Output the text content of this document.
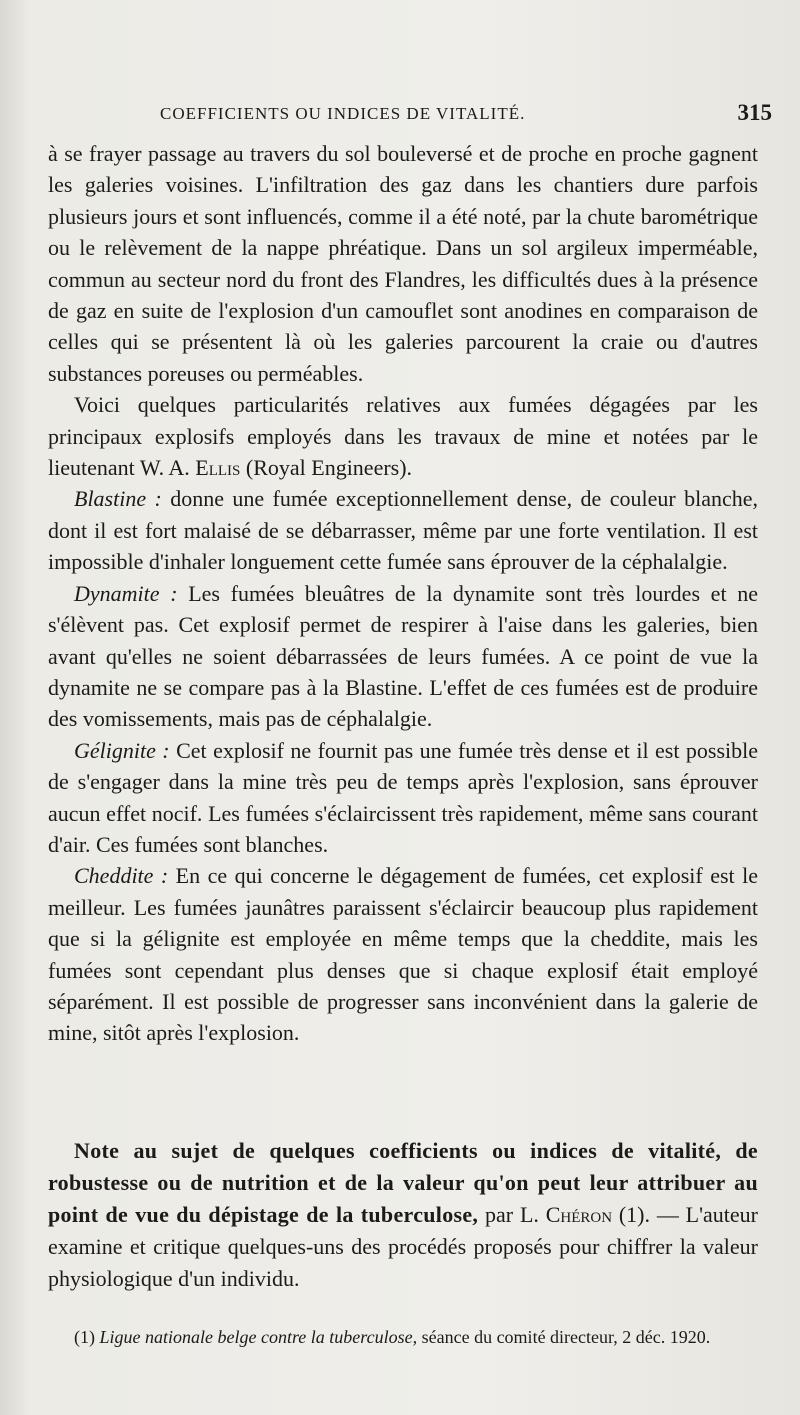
COEFFICIENTS OU INDICES DE VITALITÉ.	315

à se frayer passage au travers du sol bouleversé et de proche en proche gagnent les galeries voisines. L'infiltration des gaz dans les chantiers dure parfois plusieurs jours et sont influencés, comme il a été noté, par la chute barométrique ou le relèvement de la nappe phréatique. Dans un sol argileux imperméable, commun au secteur nord du front des Flandres, les difficultés dues à la présence de gaz en suite de l'explosion d'un camouflet sont anodines en comparaison de celles qui se présentent là où les galeries parcourent la craie ou d'autres substances poreuses ou perméables.

Voici quelques particularités relatives aux fumées dégagées par les principaux explosifs employés dans les travaux de mine et notées par le lieutenant W. A. Ellis (Royal Engineers).

Blastine : donne une fumée exceptionnellement dense, de couleur blanche, dont il est fort malaisé de se débarrasser, même par une forte ventilation. Il est impossible d'inhaler longuement cette fumée sans éprouver de la céphalalgie.

Dynamite : Les fumées bleuâtres de la dynamite sont très lourdes et ne s'élèvent pas. Cet explosif permet de respirer à l'aise dans les galeries, bien avant qu'elles ne soient débarrassées de leurs fumées. A ce point de vue la dynamite ne se compare pas à la Blastine. L'effet de ces fumées est de produire des vomissements, mais pas de céphalalgie.

Gélignite : Cet explosif ne fournit pas une fumée très dense et il est possible de s'engager dans la mine très peu de temps après l'explosion, sans éprouver aucun effet nocif. Les fumées s'éclaircissent très rapidement, même sans courant d'air. Ces fumées sont blanches.

Cheddite : En ce qui concerne le dégagement de fumées, cet explosif est le meilleur. Les fumées jaunâtres paraissent s'éclaircir beaucoup plus rapidement que si la gélignite est employée en même temps que la cheddite, mais les fumées sont cependant plus denses que si chaque explosif était employé séparément. Il est possible de progresser sans inconvénient dans la galerie de mine, sitôt après l'explosion.

Note au sujet de quelques coefficients ou indices de vitalité, de robustesse ou de nutrition et de la valeur qu'on peut leur attribuer au point de vue du dépistage de la tuberculose, par L. Chéron (1). — L'auteur examine et critique quelques-uns des procédés proposés pour chiffrer la valeur physiologique d'un individu.

(1) Ligue nationale belge contre la tuberculose, séance du comité directeur, 2 déc. 1920.
